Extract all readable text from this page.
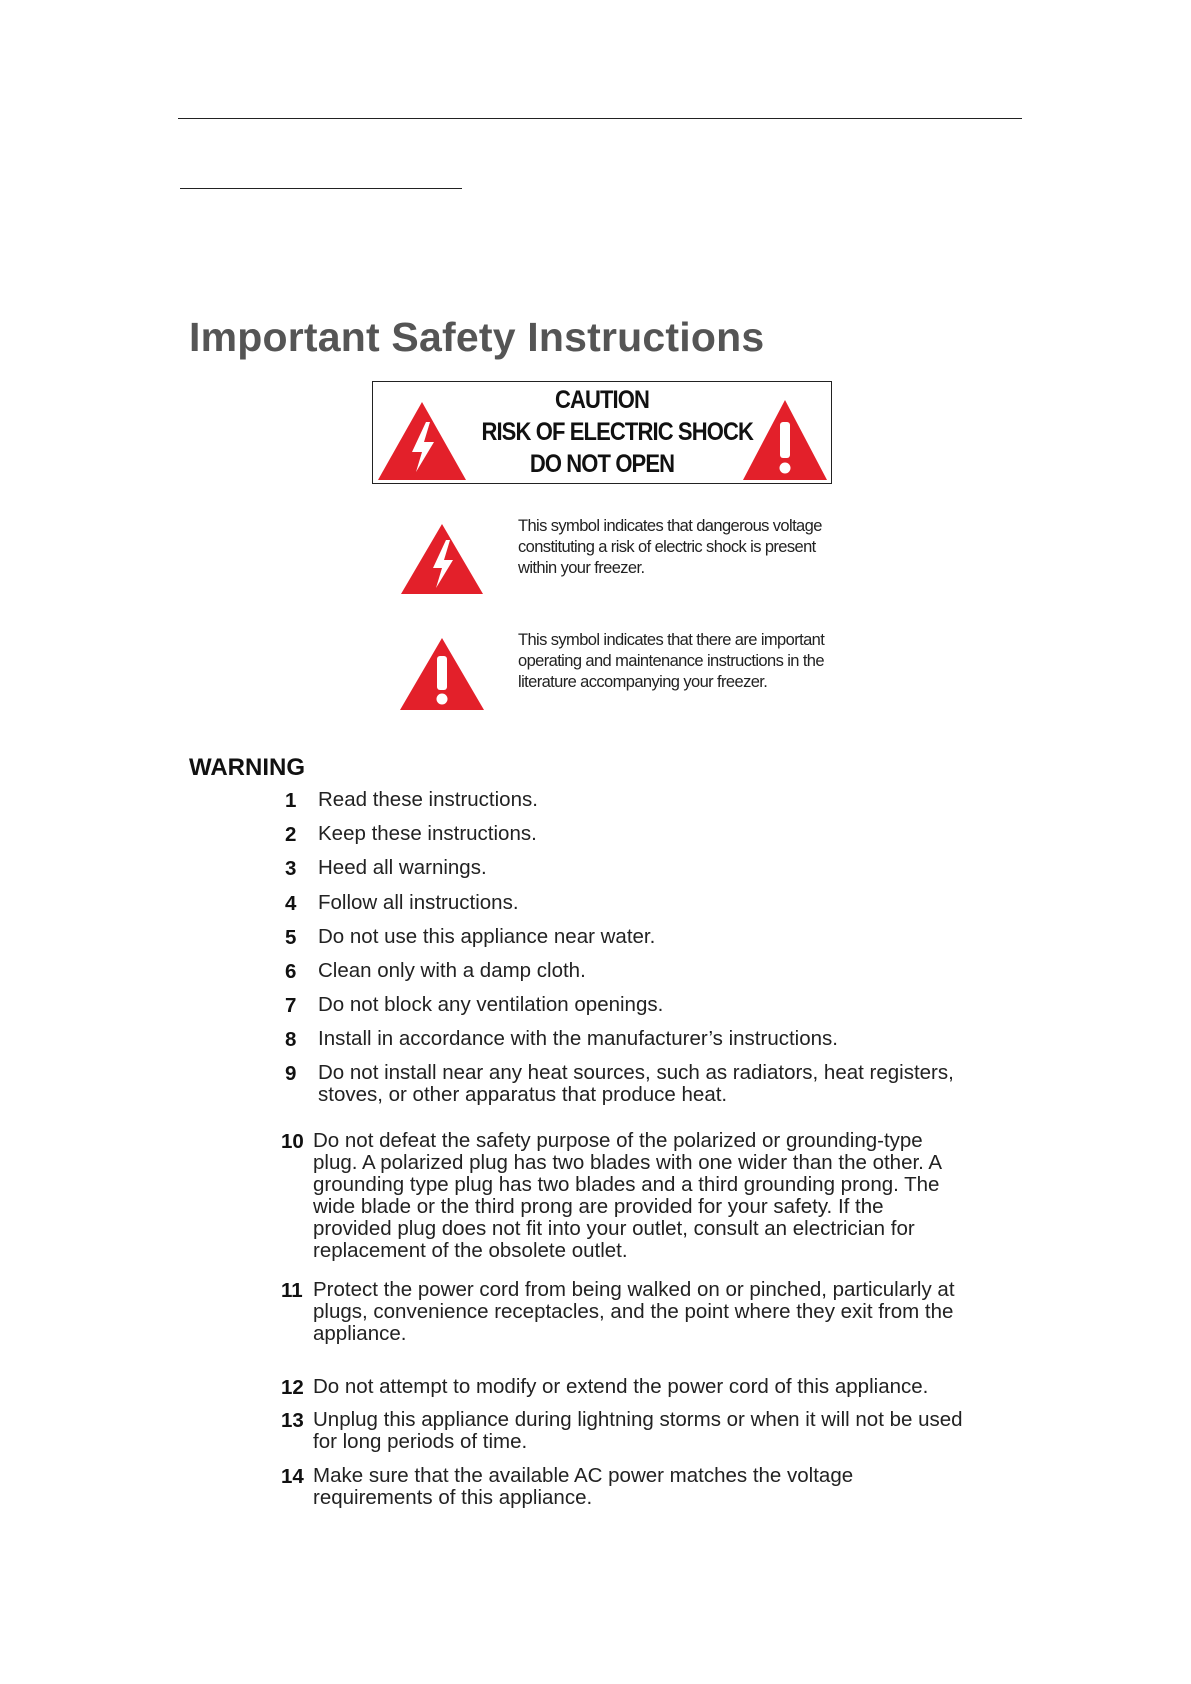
Important Safety Instructions
CAUTION
RISK OF ELECTRIC SHOCK
DO NOT OPEN
This symbol indicates that dangerous voltage constituting a risk of electric shock is present within your freezer.
This symbol indicates that there are important operating and maintenance instructions in the literature accompanying your freezer.
WARNING
1 Read these instructions.
2 Keep these instructions.
3 Heed all warnings.
4 Follow all instructions.
5 Do not use this appliance near water.
6 Clean only with a damp cloth.
7 Do not block any ventilation openings.
8 Install in accordance with the manufacturer’s instructions.
9 Do not install near any heat sources, such as radiators, heat registers, stoves, or other apparatus that produce heat.
10 Do not defeat the safety purpose of the polarized or grounding-type plug. A polarized plug has two blades with one wider than the other. A grounding type plug has two blades and a third grounding prong. The wide blade or the third prong are provided for your safety. If the provided plug does not fit into your outlet, consult an electrician for replacement of the obsolete outlet.
11 Protect the power cord from being walked on or pinched, particularly at plugs, convenience receptacles, and the point where they exit from the appliance.
12 Do not attempt to modify or extend the power cord of this appliance.
13 Unplug this appliance during lightning storms or when it will not be used for long periods of time.
14 Make sure that the available AC power matches the voltage requirements of this appliance.
